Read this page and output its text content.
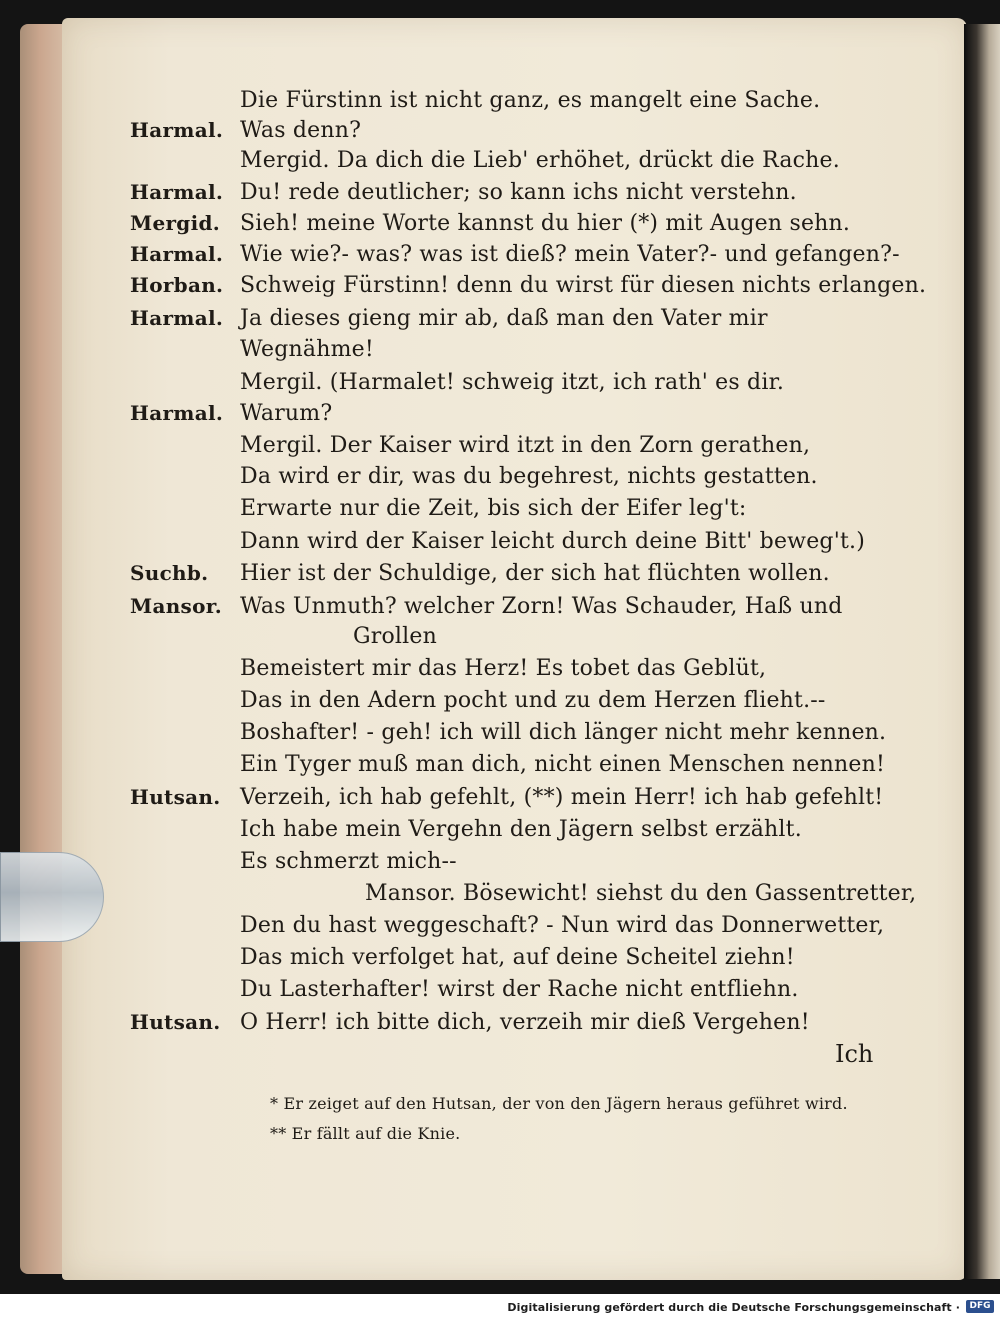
Die Fürstinn ist nicht ganz, es mangelt eine Sache.
Harmal. Was denn?
Mergid. Da dich die Lieb' erhöhet, drückt die Rache.
Harmal. Du! rede deutlicher; so kann ichs nicht verstehn.
Mergid. Sieh! meine Worte kannst du hier (*) mit Augen sehn.
Harmal. Wie wie?‐ was? was ist dieß? mein Vater?‐ und gefangen?‐
Horban. Schweig Fürstinn! denn du wirst für diesen nichts erlangen.
Harmal. Ja dieses gieng mir ab, daß man den Vater mir
Wegnähme!
Mergil. (Harmalet! schweig itzt, ich rath' es dir.
Harmal. Warum?
Mergil. Der Kaiser wird itzt in den Zorn gerathen,
Da wird er dir, was du begehrest, nichts gestatten.
Erwarte nur die Zeit, bis sich der Eifer leg't:
Dann wird der Kaiser leicht durch deine Bitt' beweg't.)
Suchb. Hier ist der Schuldige, der sich hat flüchten wollen.
Mansor. Was Unmuth? welcher Zorn! Was Schauder, Haß und
Grollen
Bemeistert mir das Herz! Es tobet das Geblüt,
Das in den Adern pocht und zu dem Herzen flieht.‐‐
Boshafter! ‐ geh! ich will dich länger nicht mehr kennen.
Ein Tyger muß man dich, nicht einen Menschen nennen!
Hutsan. Verzeih, ich hab gefehlt, (**) mein Herr! ich hab gefehlt!
Ich habe mein Vergehn den Jägern selbst erzählt.
Es schmerzt mich‐‐
Mansor. Bösewicht! siehst du den Gassentretter,
Den du hast weggeschaft? ‐ Nun wird das Donnerwetter,
Das mich verfolget hat, auf deine Scheitel ziehn!
Du Lasterhafter! wirst der Rache nicht entfliehn.
Hutsan. O Herr! ich bitte dich, verzeih mir dieß Vergehen!
Ich
* Er zeiget auf den Hutsan, der von den Jägern heraus geführet wird.
** Er fällt auf die Knie.
Digitalisierung gefördert durch die Deutsche Forschungsgemeinschaft ·	DFG
